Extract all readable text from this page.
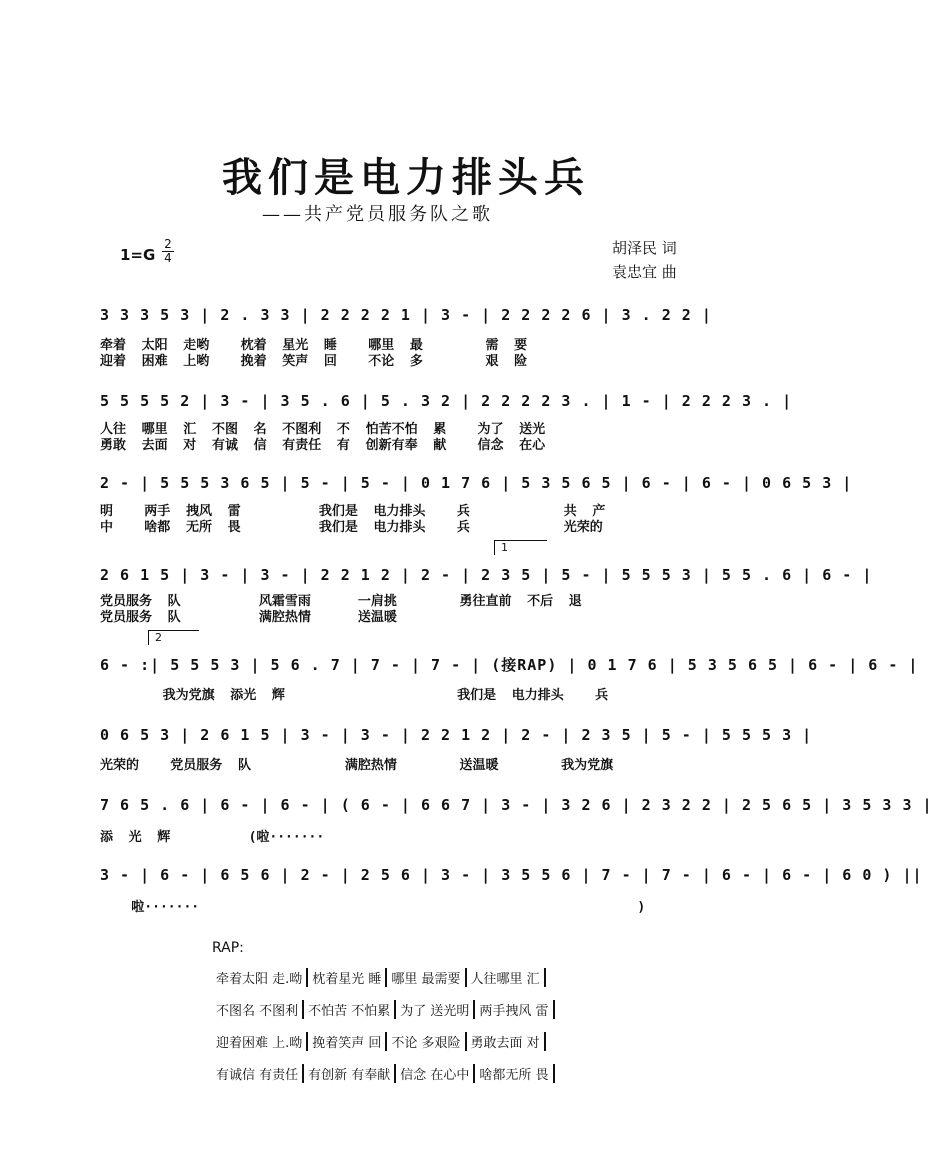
我们是电力排头兵
——共产党员服务队之歌
1=G
2
4
胡泽民 词
袁忠宜 曲
3 3 3 5 3 | 2 . 3 3 | 2 2 2 2 1 | 3 - | 2 2 2 2 6 | 3 . 2 2 |
牵着  太阳  走哟    枕着  星光  睡    哪里  最        需  要
迎着  困难  上哟    挽着  笑声  回    不论  多        艰  险
5 5 5 5 2 | 3 - | 3 5 . 6 | 5 . 3 2 | 2 2 2 2 3 . | 1 - | 2 2 2 3 . |
人往  哪里  汇  不图  名  不图利  不  怕苦不怕  累    为了  送光
勇敢  去面  对  有诚  信  有责任  有  创新有奉  献    信念  在心
2 - | 5 5 5 3 6 5 | 5 - | 5 - | 0 1 7 6 | 5 3 5 6 5 | 6 - | 6 - | 0 6 5 3 |
明    两手  拽风  雷          我们是  电力排头    兵            共  产
中    啥都  无所  畏          我们是  电力排头    兵            光荣的
1
2 6 1 5 | 3 - | 3 - | 2 2 1 2 | 2 - | 2 3 5 | 5 - | 5 5 5 3 | 5 5 . 6 | 6 - |
党员服务  队          风霜雪雨      一肩挑        勇往直前  不后  退
党员服务  队          满腔热情      送温暖
2
6 - :| 5 5 5 3 | 5 6 . 7 | 7 - | 7 - | (接RAP) | 0 1 7 6 | 5 3 5 6 5 | 6 - | 6 - |
我为党旗  添光  辉                      我们是  电力排头    兵
0 6 5 3 | 2 6 1 5 | 3 - | 3 - | 2 2 1 2 | 2 - | 2 3 5 | 5 - | 5 5 5 3 |
光荣的    党员服务  队            满腔热情        送温暖        我为党旗
7 6 5 . 6 | 6 - | 6 - | ( 6 - | 6 6 7 | 3 - | 3 2 6 | 2 3 2 2 | 2 5 6 5 | 3 5 3 3 |
添  光  辉          (啦·······
3 - | 6 - | 6 5 6 | 2 - | 2 5 6 | 3 - | 3 5 5 6 | 7 - | 7 - | 6 - | 6 - | 6 0 ) ||
啦·······                                                        )
RAP:
牵着太阳 走.呦 枕着星光 睡 哪里 最需要 人往哪里 汇
不图名 不图利 不怕苦 不怕累 为了 送光明 两手拽风 雷
迎着困难 上.呦 挽着笑声 回 不论 多艰险 勇敢去面 对
有诚信 有责任 有创新 有奉献 信念 在心中 啥都无所 畏
